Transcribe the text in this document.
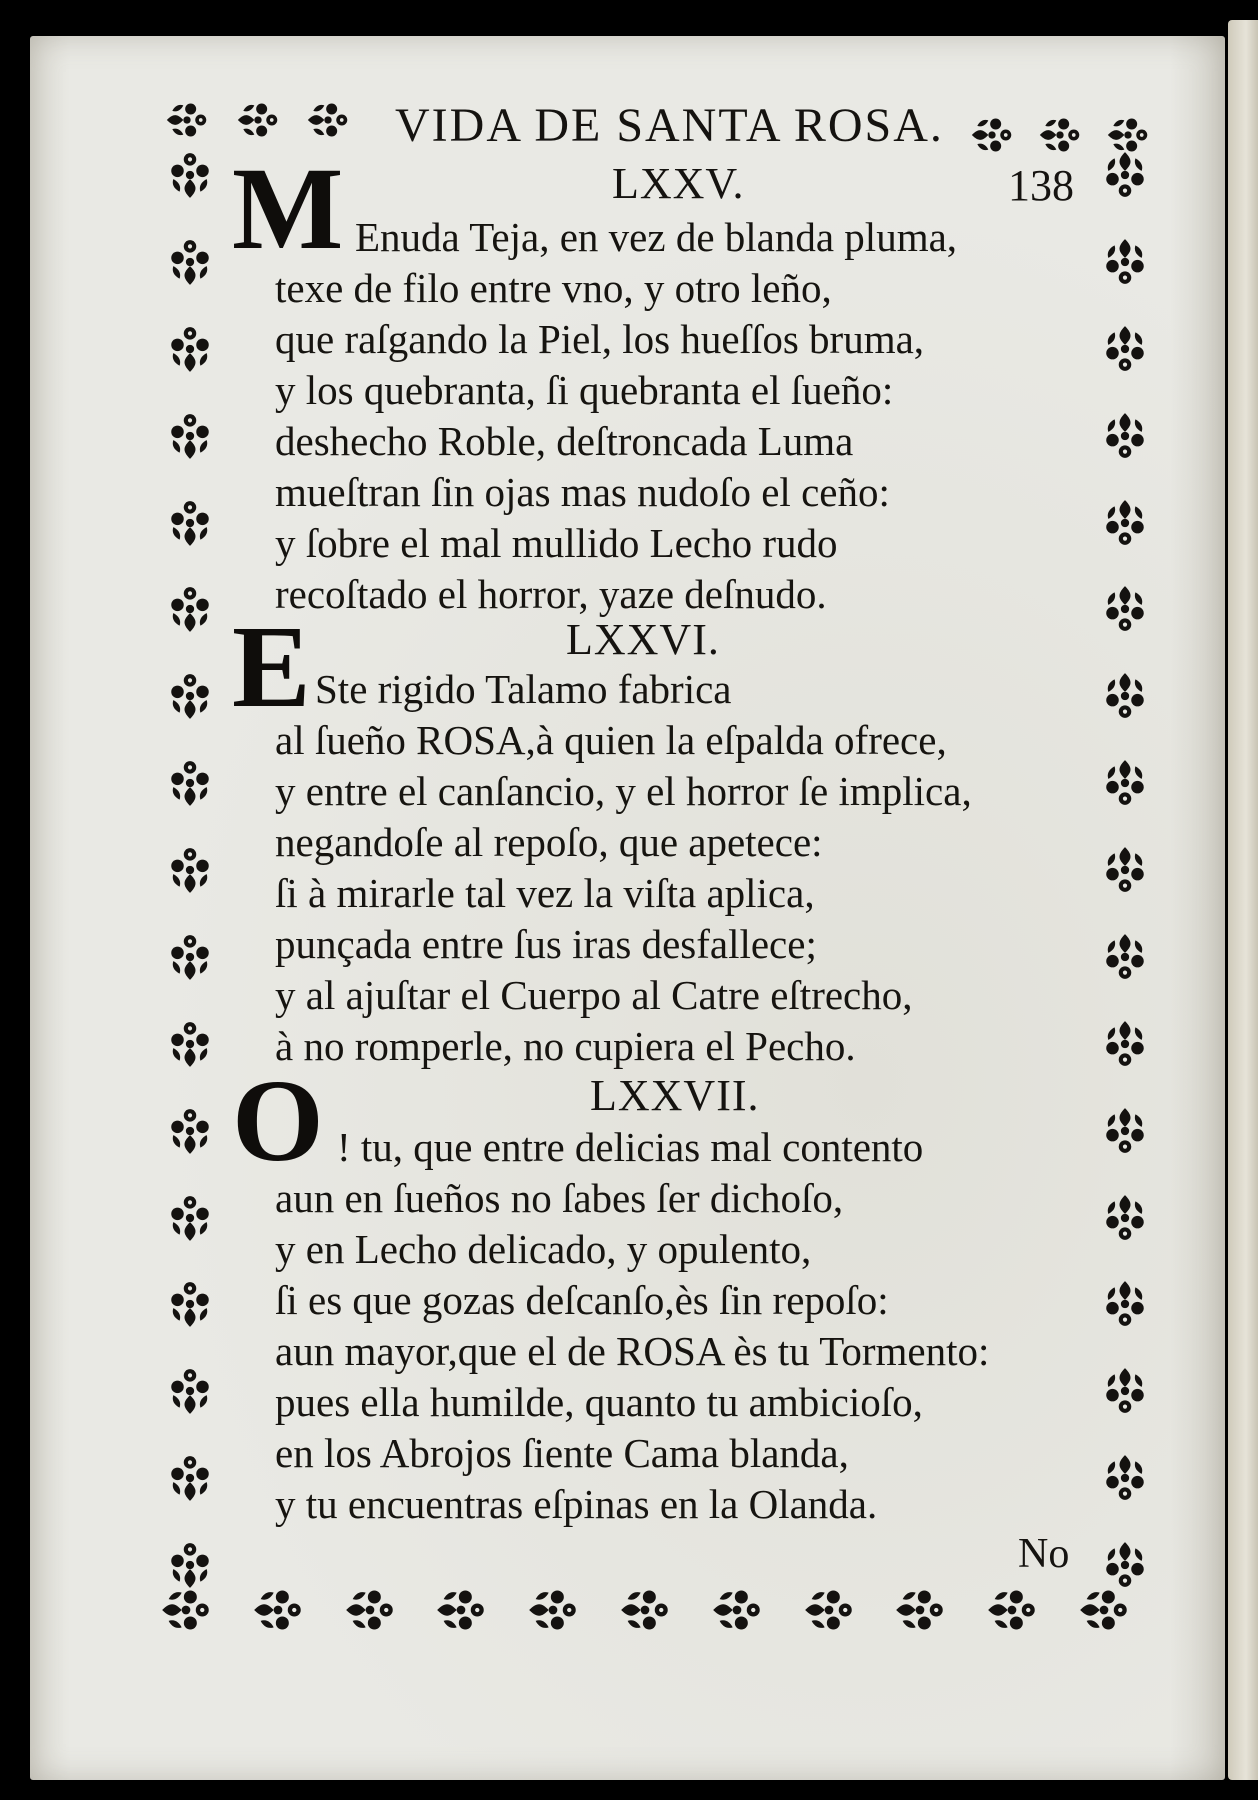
VIDA DE SANTA ROSA.
138
LXXV.
M Enuda Teja, en vez de blanda pluma,
texe de filo entre vno, y otro leño,
que raſgando la Piel, los hueſſos bruma,
y los quebranta, ſi quebranta el ſueño:
deshecho Roble, deſtroncada Luma
mueſtran ſin ojas mas nudoſo el ceño:
y ſobre el mal mullido Lecho rudo
recoſtado el horror, yaze deſnudo.
LXXVI.
E Ste rigido Talamo fabrica
al ſueño ROSA,à quien la eſpalda ofrece,
y entre el canſancio, y el horror ſe implica,
negandoſe al repoſo, que apetece:
ſi à mirarle tal vez la viſta aplica,
punçada entre ſus iras desfallece;
y al ajuſtar el Cuerpo al Catre eſtrecho,
à no romperle, no cupiera el Pecho.
LXXVII.
O ! tu, que entre delicias mal contento
aun en ſueños no ſabes ſer dichoſo,
y en Lecho delicado, y opulento,
ſi es que gozas deſcanſo,ès ſin repoſo:
aun mayor,que el de ROSA ès tu Tormento:
pues ella humilde, quanto tu ambicioſo,
en los Abrojos ſiente Cama blanda,
y tu encuentras eſpinas en la Olanda.
No
